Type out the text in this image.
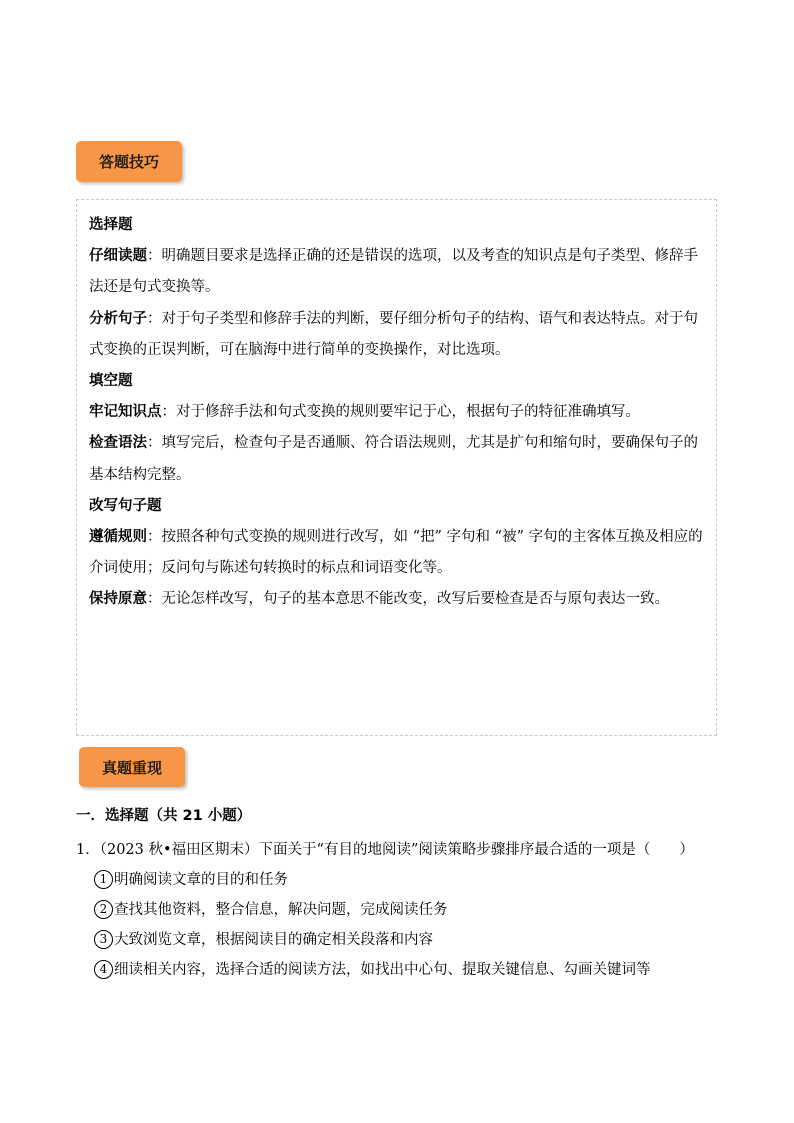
答题技巧

选择题

仔细读题：明确题目要求是选择正确的还是错误的选项，以及考查的知识点是句子类型、修辞手法还是句式变换等。

分析句子：对于句子类型和修辞手法的判断，要仔细分析句子的结构、语气和表达特点。对于句式变换的正误判断，可在脑海中进行简单的变换操作，对比选项。

填空题

牢记知识点：对于修辞手法和句式变换的规则要牢记于心，根据句子的特征准确填写。

检查语法：填写完后，检查句子是否通顺、符合语法规则，尤其是扩句和缩句时，要确保句子的基本结构完整。

改写句子题

遵循规则：按照各种句式变换的规则进行改写，如 “把” 字句和 “被” 字句的主客体互换及相应的介词使用；反问句与陈述句转换时的标点和词语变化等。

保持原意：无论怎样改写，句子的基本意思不能改变，改写后要检查是否与原句表达一致。

真题重现
一．选择题（共 21 小题）

1．（2023 秋•福田区期末）下面关于“有目的地阅读”阅读策略步骤排序最合适的一项是（　　）

1 明确阅读文章的目的和任务

2 查找其他资料，整合信息，解决问题，完成阅读任务

3 大致浏览文章，根据阅读目的确定相关段落和内容

4 细读相关内容，选择合适的阅读方法，如找出中心句、提取关键信息、勾画关键词等
